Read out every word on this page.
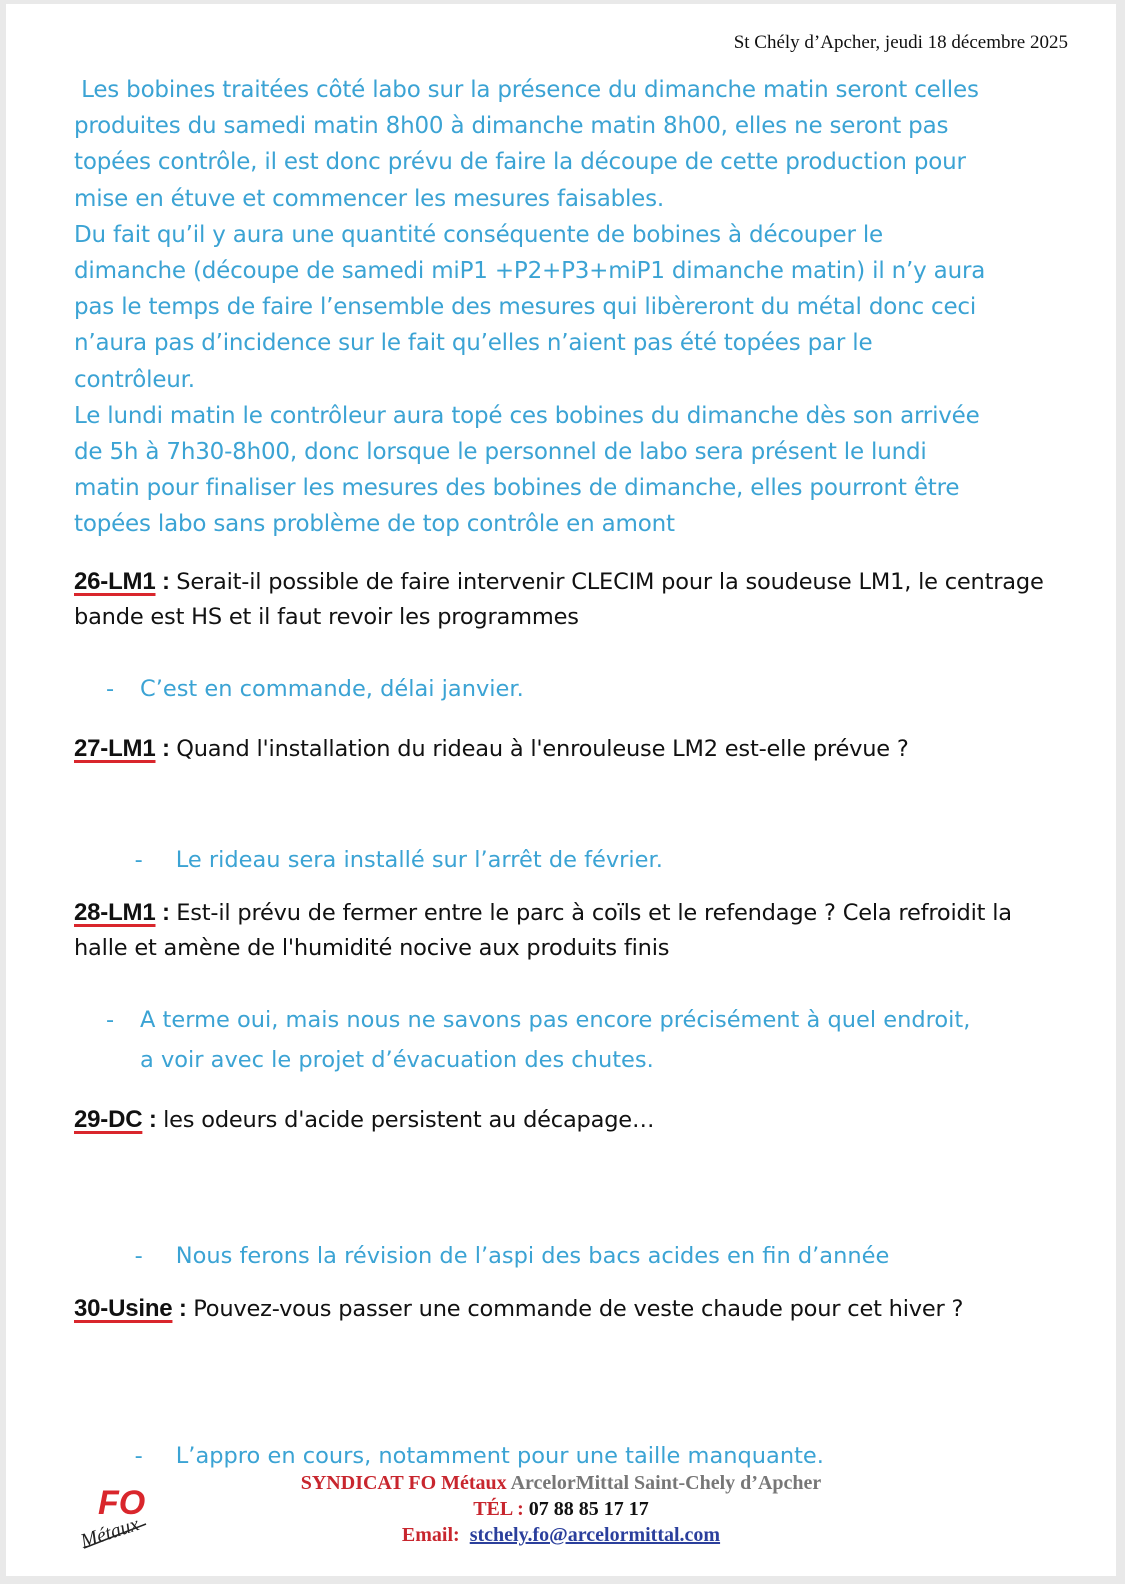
St Chély d’Apcher, jeudi 18 décembre 2025
Les bobines traitées côté labo sur la présence du dimanche matin seront celles
produites du samedi matin 8h00 à dimanche matin 8h00, elles ne seront pas
topées contrôle, il est donc prévu de faire la découpe de cette production pour
mise en étuve et commencer les mesures faisables.
Du fait qu’il y aura une quantité conséquente de bobines à découper le
dimanche (découpe de samedi miP1 +P2+P3+miP1 dimanche matin) il n’y aura
pas le temps de faire l’ensemble des mesures qui libèreront du métal donc ceci
n’aura pas d’incidence sur le fait qu’elles n’aient pas été topées par le
contrôleur.
Le lundi matin le contrôleur aura topé ces bobines du dimanche dès son arrivée
de 5h à 7h30-8h00, donc lorsque le personnel de labo sera présent le lundi
matin pour finaliser les mesures des bobines de dimanche, elles pourront être
topées labo sans problème de top contrôle en amont
26-LM1 : Serait-il possible de faire intervenir CLECIM pour la soudeuse LM1, le centrage bande est HS et il faut revoir les programmes
- C’est en commande, délai janvier.
27-LM1 : Quand l'installation du rideau à l'enrouleuse LM2 est-elle prévue ?

- Le rideau sera installé sur l’arrêt de février.

28-LM1 : Est-il prévu de fermer entre le parc à coïls et le refendage ? Cela refroidit la halle et amène de l'humidité nocive aux produits finis
- A terme oui, mais nous ne savons pas encore précisément à quel endroit,
a voir avec le projet d’évacuation des chutes.
29-DC : les odeurs d'acide persistent au décapage…

- Nous ferons la révision de l’aspi des bacs acides en fin d’année

30-Usine : Pouvez-vous passer une commande de veste chaude pour cet hiver ?

- L’appro en cours, notamment pour une taille manquante.

FO
Métaux
SYNDICAT FO Métaux ArcelorMittal Saint-Chely d’Apcher
TÉL : 07 88 85 17 17
Email: stchely.fo@arcelormittal.com
